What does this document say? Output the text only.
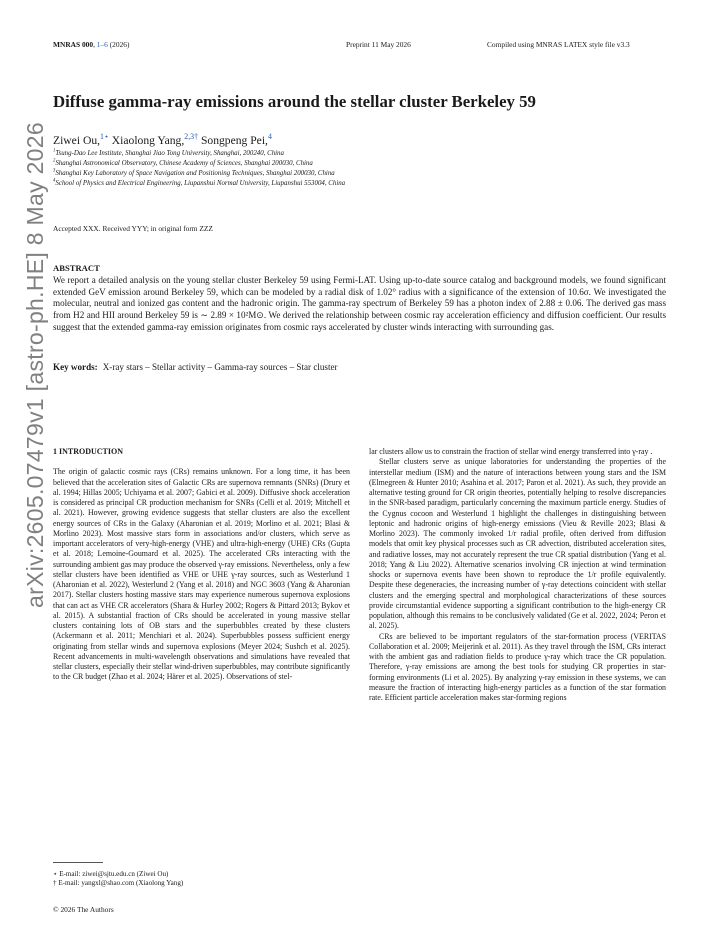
MNRAS 000, 1–6 (2026)	Preprint 11 May 2026	Compiled using MNRAS LATEX style file v3.3
Diffuse gamma-ray emissions around the stellar cluster Berkeley 59
Ziwei Ou,$^{1⋆}$ Xiaolong Yang,$^{2,3\dagger}$ Songpeng Pei,$^4$
$^1$Tsung-Dao Lee Institute, Shanghai Jiao Tong University, Shanghai, 200240, China
$^2$Shanghai Astronomical Observatory, Chinese Academy of Sciences, Shanghai 200030, China
$^3$Shanghai Key Laboratory of Space Navigation and Positioning Techniques, Shanghai 200030, China
$^4$School of Physics and Electrical Engineering, Liupanshui Normal University, Liupanshui 553004, China
Accepted XXX. Received YYY; in original form ZZZ
arXiv:2605.07479v1 [astro-ph.HE] 8 May 2026 ABSTRACT
We report a detailed analysis on the young stellar cluster Berkeley 59 using Fermi-LAT. Using up-to-date source catalog and background models, we found significant extended GeV emission around Berkeley 59, which can be modeled by a radial disk of 1.02° radius with a significance of the extension of 10.6σ. We investigated the molecular, neutral and ionized gas content and the hadronic origin. The gamma-ray spectrum of Berkeley 59 has a photon index of 2.88 ± 0.06. The derived gas mass from H2 and HII around Berkeley 59 is ∼ 2.89 × 10²M⊙. We derived the relationship between cosmic ray acceleration efficiency and diffusion coefficient. Our results suggest that the extended gamma-ray emission originates from cosmic rays accelerated by cluster winds interacting with surrounding gas.
Key words: X-ray stars – Stellar activity – Gamma-ray sources – Star cluster

1 INTRODUCTION

The origin of galactic cosmic rays (CRs) remains unknown. For a long time, it has been believed that the acceleration sites of Galactic CRs are supernova remnants (SNRs) (Drury et al. 1994; Hillas 2005; Uchiyama et al. 2007; Gabici et al. 2009). Diffusive shock acceleration is considered as principal CR production mechanism for SNRs (Celli et al. 2019; Mitchell et al. 2021). However, growing evidence suggests that stellar clusters are also the excellent energy sources of CRs in the Galaxy (Aharonian et al. 2019; Morlino et al. 2021; Blasi & Morlino 2023). Most massive stars form in associations and/or clusters, which serve as important accelerators of very-high-energy (VHE) and ultra-high-energy (UHE) CRs (Gupta et al. 2018; Lemoine-Goumard et al. 2025). The accelerated CRs interacting with the surrounding ambient gas may produce the observed γ-ray emissions. Nevertheless, only a few stellar clusters have been identified as VHE or UHE γ-ray sources, such as Westerlund 1 (Aharonian et al. 2022), Westerlund 2 (Yang et al. 2018) and NGC 3603 (Yang & Aharonian 2017). Stellar clusters hosting massive stars may experience numerous supernova explosions that can act as VHE CR accelerators (Shara & Hurley 2002; Rogers & Pittard 2013; Bykov et al. 2015). A substantial fraction of CRs should be accelerated in young massive stellar clusters containing lots of OB stars and the superbubbles created by these clusters (Ackermann et al. 2011; Menchiari et al. 2024). Superbubbles possess sufficient energy originating from stellar winds and supernova explosions (Meyer 2024; Sushch et al. 2025). Recent advancements in multi-wavelength observations and simulations have revealed that stellar clusters, especially their stellar wind-driven superbubbles, may contribute significantly to the CR budget (Zhao et al. 2024; Härer et al. 2025). Observations of stel-

lar clusters allow us to constrain the fraction of stellar wind energy transferred into γ-ray .

Stellar clusters serve as unique laboratories for understanding the properties of the interstellar medium (ISM) and the nature of interactions between young stars and the ISM (Elmegreen & Hunter 2010; Asahina et al. 2017; Paron et al. 2021). As such, they provide an alternative testing ground for CR origin theories, potentially helping to resolve discrepancies in the SNR-based paradigm, particularly concerning the maximum particle energy. Studies of the Cygnus cocoon and Westerlund 1 highlight the challenges in distinguishing between leptonic and hadronic origins of high-energy emissions (Vieu & Reville 2023; Blasi & Morlino 2023). The commonly invoked 1/r radial profile, often derived from diffusion models that omit key physical processes such as CR advection, distributed acceleration sites, and radiative losses, may not accurately represent the true CR spatial distribution (Yang et al. 2018; Yang & Liu 2022). Alternative scenarios involving CR injection at wind termination shocks or supernova events have been shown to reproduce the 1/r profile equivalently. Despite these degeneracies, the increasing number of γ-ray detections coincident with stellar clusters and the emerging spectral and morphological characterizations of these sources provide circumstantial evidence supporting a significant contribution to the high-energy CR population, although this remains to be conclusively validated (Ge et al. 2022, 2024; Peron et al. 2025).

CRs are believed to be important regulators of the star-formation process (VERITAS Collaboration et al. 2009; Meijerink et al. 2011). As they travel through the ISM, CRs interact with the ambient gas and radiation fields to produce γ-ray which trace the CR population. Therefore, γ-ray emissions are among the best tools for studying CR properties in star-forming environments (Li et al. 2025). By analyzing γ-ray emission in these systems, we can measure the fraction of interacting high-energy particles as a function of the star formation rate. Efficient particle acceleration makes star-forming regions

⋆ E-mail: ziwei@sjtu.edu.cn (Ziwei Ou)
† E-mail: yangxl@shao.com (Xiaolong Yang)
© 2026 The Authors
